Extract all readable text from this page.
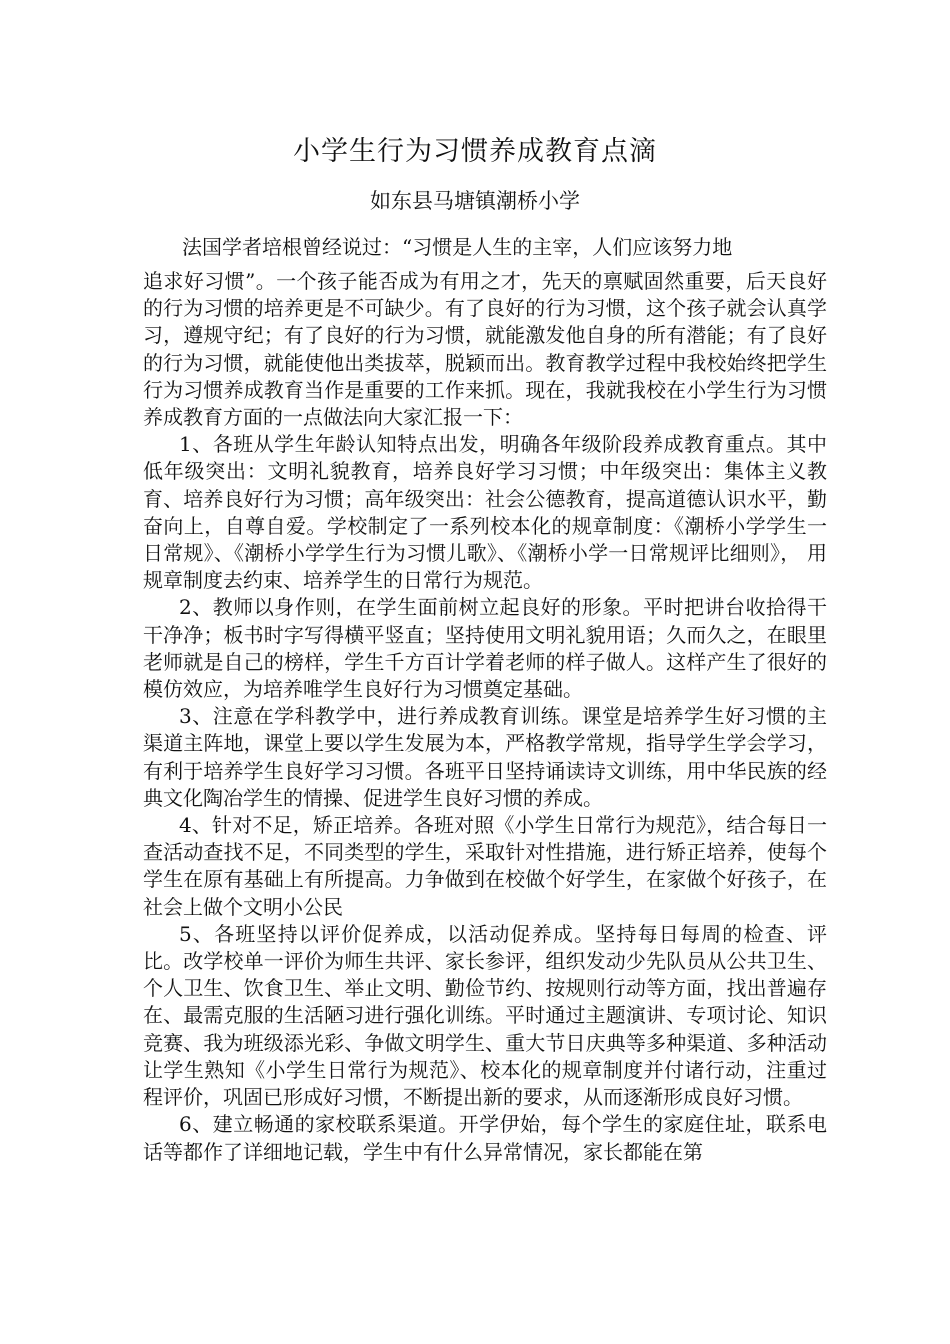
小学生行为习惯养成教育点滴
如东县马塘镇潮桥小学
法国学者培根曾经说过：“习惯是人生的主宰，人们应该努力地

追求好习惯”。一个孩子能否成为有用之才，先天的禀赋固然重要，后天良好的行为习惯的培养更是不可缺少。有了良好的行为习惯，这个孩子就会认真学习，遵规守纪；有了良好的行为习惯，就能激发他自身的所有潜能；有了良好的行为习惯，就能使他出类拔萃，脱颖而出。教育教学过程中我校始终把学生行为习惯养成教育当作是重要的工作来抓。现在，我就我校在小学生行为习惯养成教育方面的一点做法向大家汇报一下：

1、各班从学生年龄认知特点出发，明确各年级阶段养成教育重点。其中低年级突出：文明礼貌教育，培养良好学习习惯；中年级突出：集体主义教育、培养良好行为习惯；高年级突出：社会公德教育，提高道德认识水平，勤奋向上，自尊自爱。学校制定了一系列校本化的规章制度：《潮桥小学学生一日常规》、《潮桥小学学生行为习惯儿歌》、《潮桥小学一日常规评比细则》， 用规章制度去约束、培养学生的日常行为规范。

2、教师以身作则，在学生面前树立起良好的形象。平时把讲台收拾得干干净净；板书时字写得横平竖直；坚持使用文明礼貌用语；久而久之，在眼里老师就是自己的榜样，学生千方百计学着老师的样子做人。这样产生了很好的模仿效应，为培养唯学生良好行为习惯奠定基础。

3、注意在学科教学中，进行养成教育训练。课堂是培养学生好习惯的主渠道主阵地，课堂上要以学生发展为本，严格教学常规，指导学生学会学习，有利于培养学生良好学习习惯。各班平日坚持诵读诗文训练，用中华民族的经典文化陶冶学生的情操、促进学生良好习惯的养成。

4、针对不足，矫正培养。各班对照《小学生日常行为规范》，结合每日一查活动查找不足，不同类型的学生，采取针对性措施，进行矫正培养，使每个学生在原有基础上有所提高。力争做到在校做个好学生，在家做个好孩子，在社会上做个文明小公民

5、各班坚持以评价促养成，以活动促养成。坚持每日每周的检查、评比。改学校单一评价为师生共评、家长参评，组织发动少先队员从公共卫生、个人卫生、饮食卫生、举止文明、勤俭节约、按规则行动等方面，找出普遍存在、最需克服的生活陋习进行强化训练。平时通过主题演讲、专项讨论、知识竞赛、我为班级添光彩、争做文明学生、重大节日庆典等多种渠道、多种活动让学生熟知《小学生日常行为规范》、校本化的规章制度并付诸行动，注重过程评价，巩固已形成好习惯，不断提出新的要求，从而逐渐形成良好习惯。

6、建立畅通的家校联系渠道。开学伊始，每个学生的家庭住址，联系电话等都作了详细地记载，学生中有什么异常情况，家长都能在第
